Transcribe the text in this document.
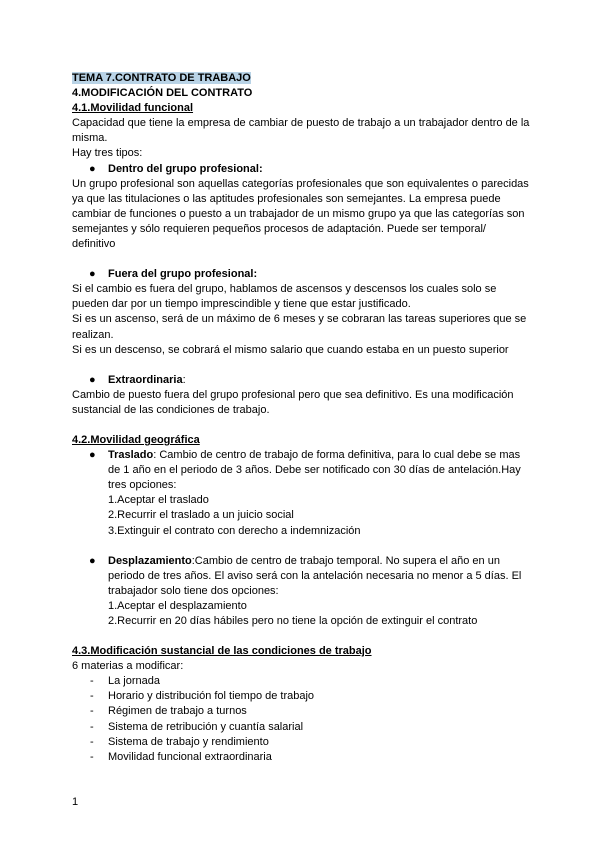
TEMA 7.CONTRATO DE TRABAJO

4.MODIFICACIÓN DEL CONTRATO

4.1.Movilidad funcional

Capacidad que tiene la empresa de cambiar de puesto de trabajo a un trabajador dentro de la misma.

Hay tres tipos:

● Dentro del grupo profesional:

Un grupo profesional son aquellas categorías profesionales que son equivalentes o parecidas ya que las titulaciones o las aptitudes profesionales son semejantes. La empresa puede cambiar de funciones o puesto a un trabajador de un mismo grupo ya que las categorías son semejantes y sólo requieren pequeños procesos de adaptación. Puede ser temporal/ definitivo

● Fuera del grupo profesional:

Si el cambio es fuera del grupo, hablamos de ascensos y descensos los cuales solo se pueden dar por un tiempo imprescindible y tiene que estar justificado.

Si es un ascenso, será de un máximo de 6 meses y se cobraran las tareas superiores que se realizan.

Si es un descenso, se cobrará el mismo salario que cuando estaba en un puesto superior

● Extraordinaria:

Cambio de puesto fuera del grupo profesional pero que sea definitivo. Es una modificación sustancial de las condiciones de trabajo.

4.2.Movilidad geográfica

● Traslado: Cambio de centro de trabajo de forma definitiva, para lo cual debe se mas de 1 año en el periodo de 3 años. Debe ser notificado con 30 días de antelación.Hay tres opciones:

1.Aceptar el traslado

2.Recurrir el traslado a un juicio social

3.Extinguir el contrato con derecho a indemnización

● Desplazamiento:Cambio de centro de trabajo temporal. No supera el año en un periodo de tres años. El aviso será con la antelación necesaria no menor a 5 días. El trabajador solo tiene dos opciones:

1.Aceptar el desplazamiento

2.Recurrir en 20 días hábiles pero no tiene la opción de extinguir el contrato

4.3.Modificación sustancial de las condiciones de trabajo

6 materias a modificar:

- La jornada
- Horario y distribución fol tiempo de trabajo
- Régimen de trabajo a turnos
- Sistema de retribución y cuantía salarial
- Sistema de trabajo y rendimiento
- Movilidad funcional extraordinaria
1
